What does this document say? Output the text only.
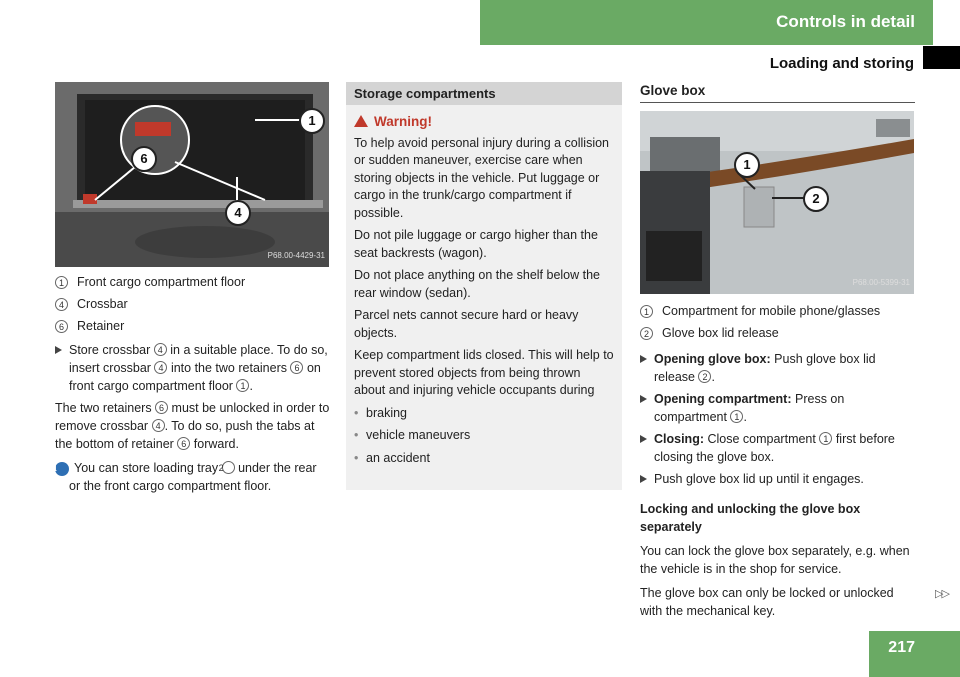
Controls in detail
Loading and storing
1
6
4
P68.00-4429-31
1	Front cargo compartment floor
4	Crossbar
6	Retainer
Store crossbar 4 in a suitable place. To do so, insert crossbar 4 into the two retainers 6 on front cargo compartment floor 1 .

The two retainers 6 must be unlocked in order to remove crossbar 4 . To do so, push the tabs at the bottom of retainer 6 forward.

i You can store loading tray 2 under the rear or the front cargo compartment floor.
Storage compartments
Warning!

To help avoid personal injury during a collision or sudden maneuver, exercise care when storing objects in the vehicle. Put luggage or cargo in the trunk/cargo compartment if possible.

Do not pile luggage or cargo higher than the seat backrests (wagon).

Do not place anything on the shelf below the rear window (sedan).

Parcel nets cannot secure hard or heavy objects.

Keep compartment lids closed. This will help to prevent stored objects from being thrown about and injuring vehicle occupants during

• braking
• vehicle maneuvers
• an accident
Glove box
1
2
P68.00-5399-31
1	Compartment for mobile phone/glasses
2	Glove box lid release
Opening glove box: Push glove box lid release 2 .
Opening compartment: Press on compartment 1 .
Closing: Close compartment 1 first before closing the glove box.
Push glove box lid up until it engages.

Locking and unlocking the glove box separately

You can lock the glove box separately, e.g. when the vehicle is in the shop for service.

The glove box can only be locked or unlocked with the mechanical key.

▷▷
217
